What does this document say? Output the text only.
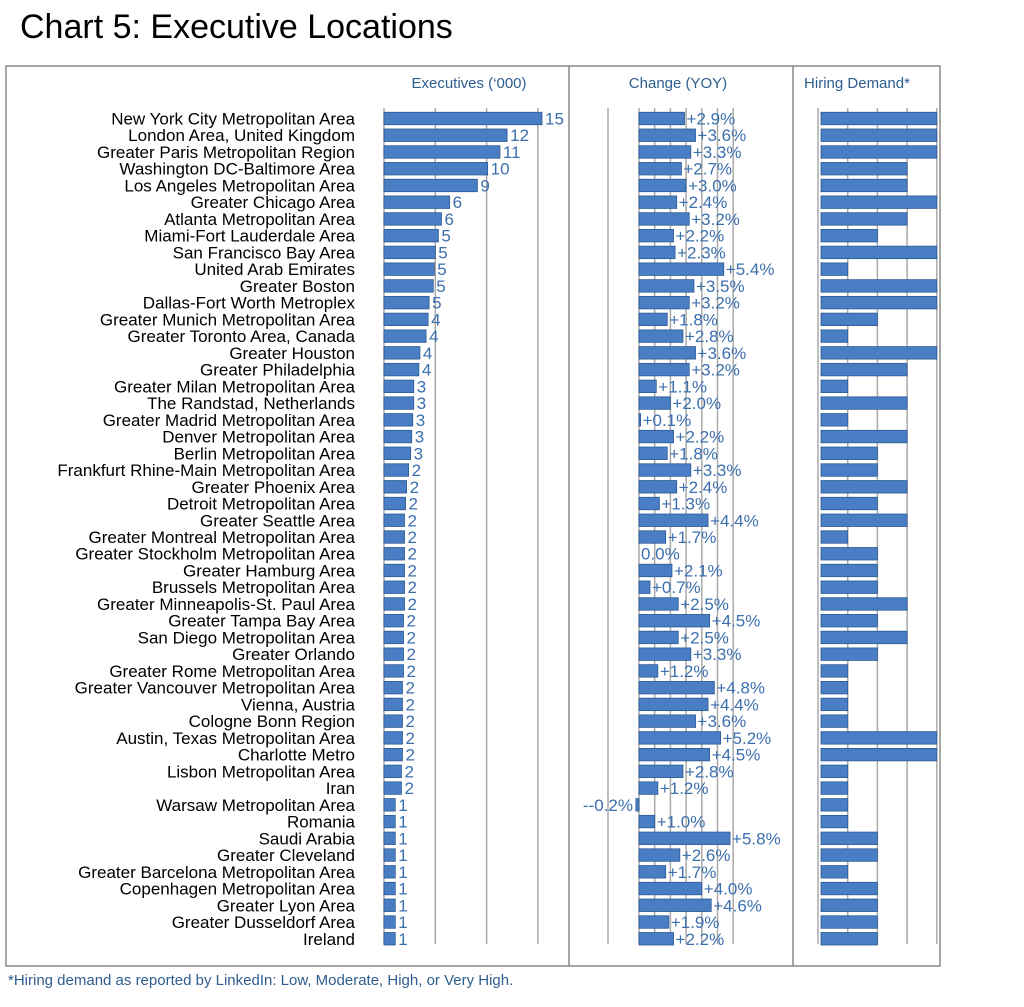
Chart 5: Executive Locations
Executives (‘000)	Change (YOY)	Hiring Demand*
New York City Metropolitan Area
London Area, United Kingdom
Greater Paris Metropolitan Region
Washington DC-Baltimore Area
Los Angeles Metropolitan Area
Greater Chicago Area
Atlanta Metropolitan Area
Miami-Fort Lauderdale Area
San Francisco Bay Area
United Arab Emirates
Greater Boston
Dallas-Fort Worth Metroplex
Greater Munich Metropolitan Area
Greater Toronto Area, Canada
Greater Houston
Greater Philadelphia
Greater Milan Metropolitan Area
The Randstad, Netherlands
Greater Madrid Metropolitan Area
Denver Metropolitan Area
Berlin Metropolitan Area
Frankfurt Rhine-Main Metropolitan Area
Greater Phoenix Area
Detroit Metropolitan Area
Greater Seattle Area
Greater Montreal Metropolitan Area
Greater Stockholm Metropolitan Area
Greater Hamburg Area
Brussels Metropolitan Area
Greater Minneapolis-St. Paul Area
Greater Tampa Bay Area
San Diego Metropolitan Area
Greater Orlando
Greater Rome Metropolitan Area
Greater Vancouver Metropolitan Area
Vienna, Austria
Cologne Bonn Region
Austin, Texas Metropolitan Area
Charlotte Metro
Lisbon Metropolitan Area
Iran
Warsaw Metropolitan Area
Romania
Saudi Arabia
Greater Cleveland
Greater Barcelona Metropolitan Area
Copenhagen Metropolitan Area
Greater Lyon Area
Greater Dusseldorf Area
Ireland
15
12
11
10
9
6
6
5
5
5
5
5
4
4
4
4
3
3
3
3
3
2
2
2
2
2
2
2
2
2
2
2
2
2
2
2
2
2
2
2
2
1
1
1
1
1
1
1
1
1
+2.9%
+3.6%
+3.3%
+2.7%
+3.0%
+2.4%
+3.2%
+2.2%
+2.3%
+5.4%
+3.5%
+3.2%
+1.8%
+2.8%
+3.6%
+3.2%
+1.1%
+2.0%
+0.1%
+2.2%
+1.8%
+3.3%
+2.4%
+1.3%
+4.4%
+1.7%
0.0%
+2.1%
+0.7%
+2.5%
+4.5%
+2.5%
+3.3%
+1.2%
+4.8%
+4.4%
+3.6%
+5.2%
+4.5%
+2.8%
+1.2%
--0.2%
+1.0%
+5.8%
+2.6%
+1.7%
+4.0%
+4.6%
+1.9%
+2.2%
*Hiring demand as reported by LinkedIn: Low, Moderate, High, or Very High.
